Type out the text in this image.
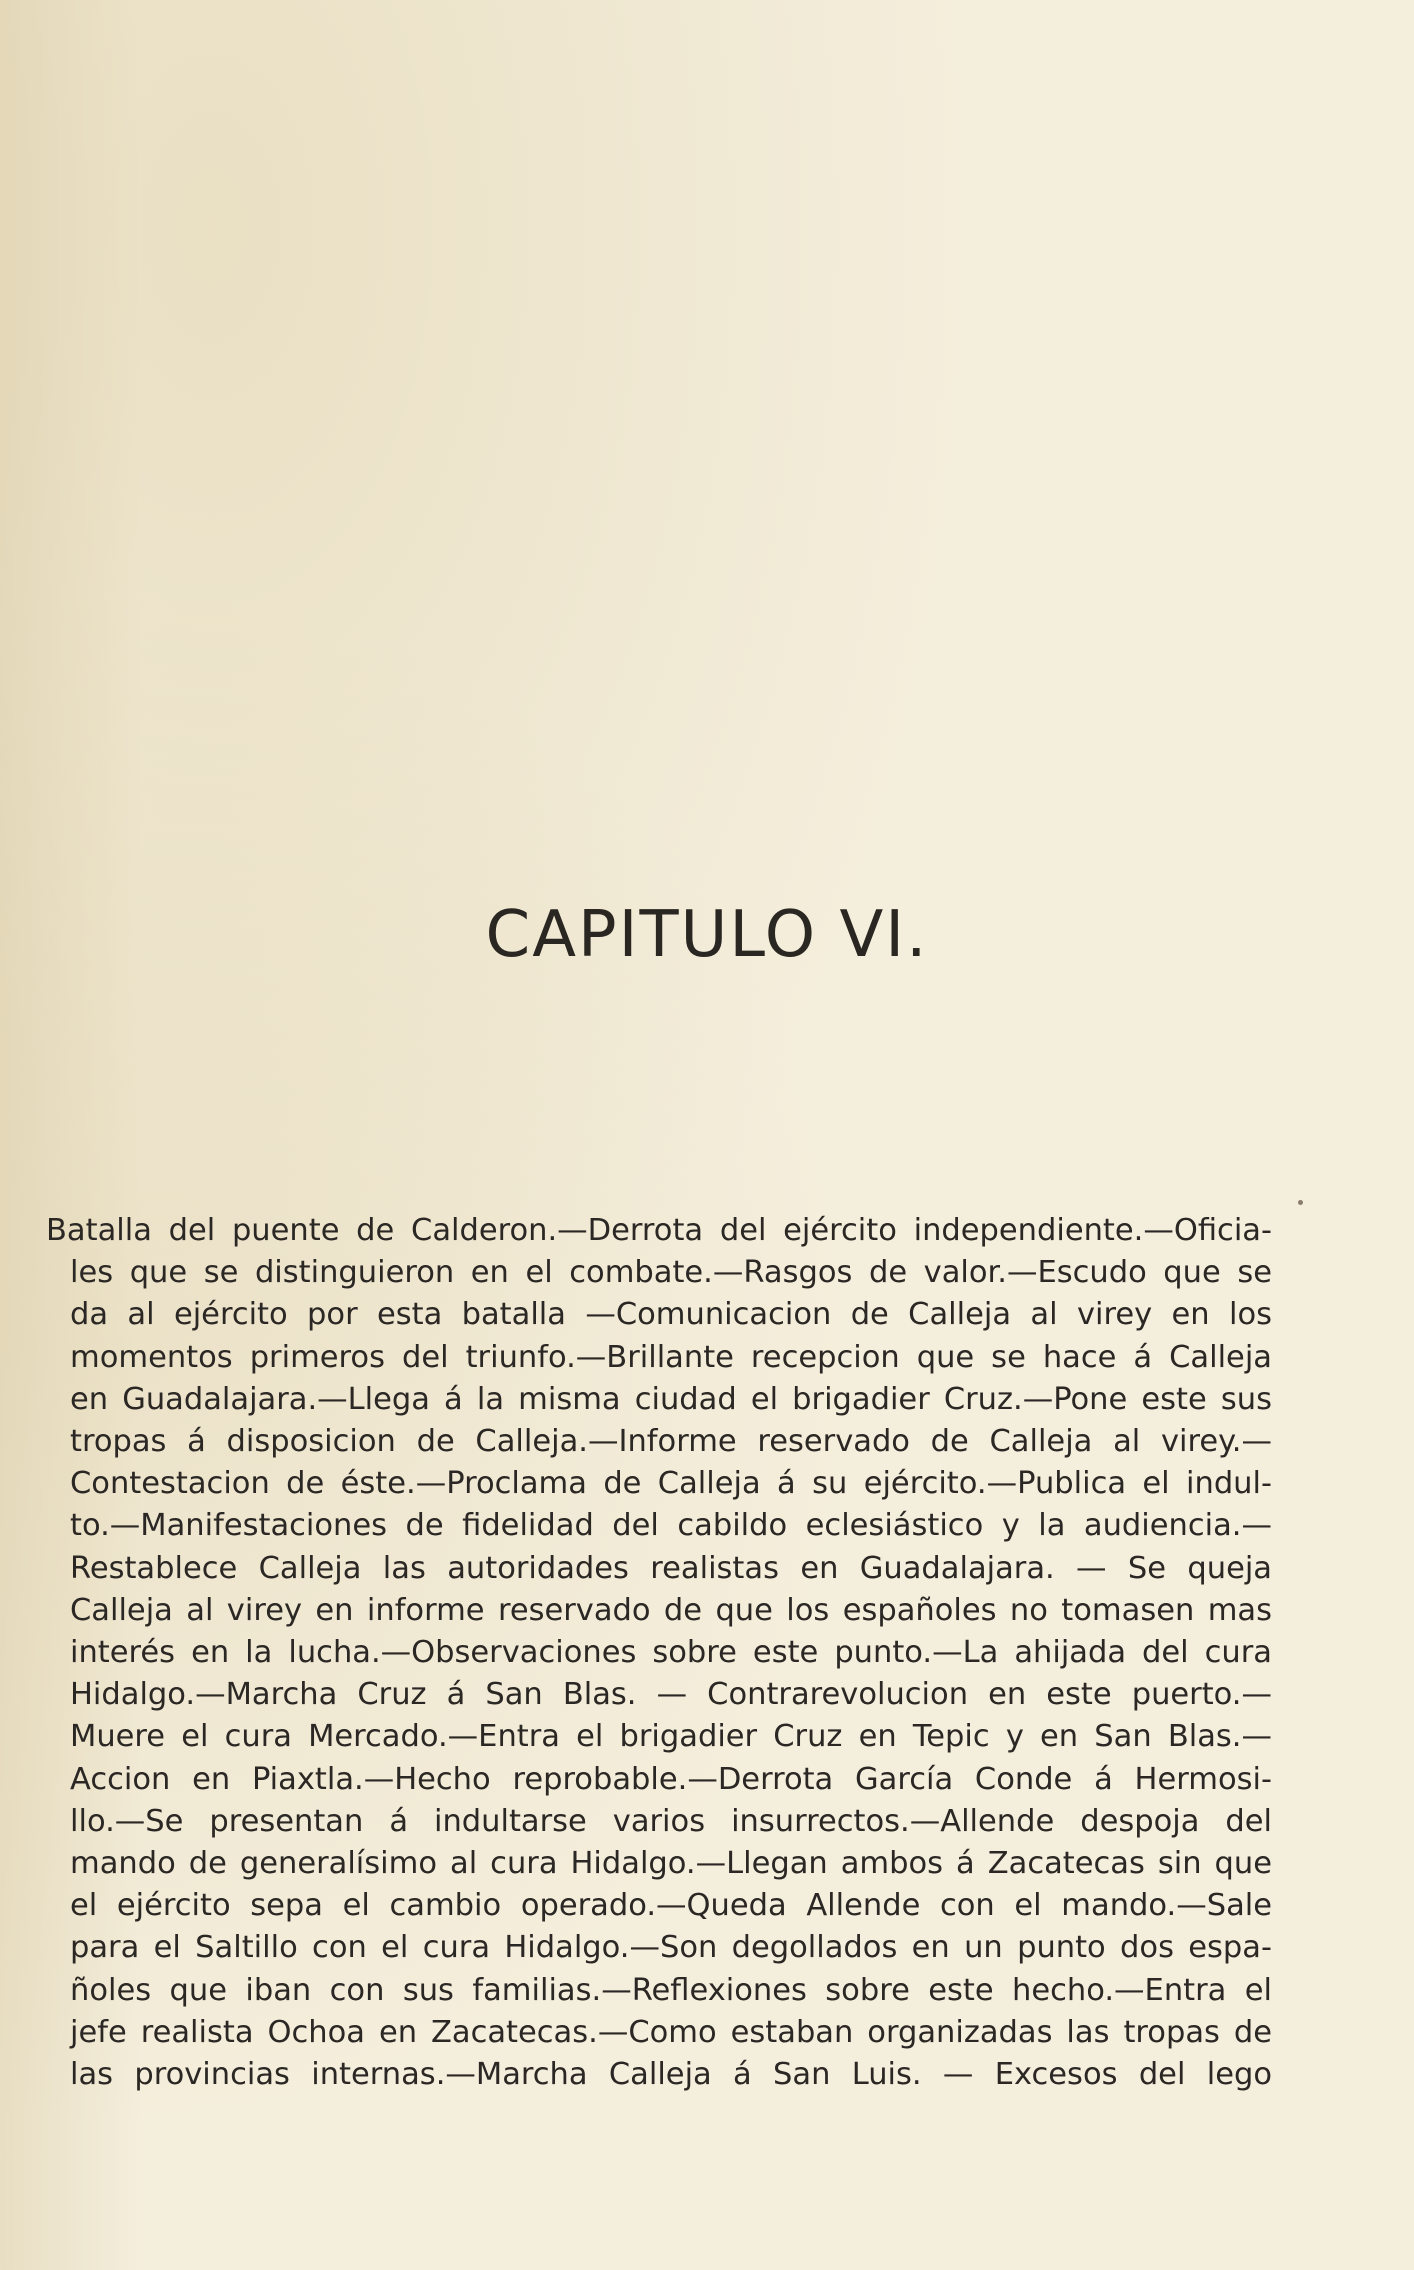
CAPITULO VI.

Batalla del puente de Calderon.—Derrota del ejército independiente.—Oficia-
les que se distinguieron en el combate.—Rasgos de valor.—Escudo que se
da al ejército por esta batalla —Comunicacion de Calleja al virey en los
momentos primeros del triunfo.—Brillante recepcion que se hace á Calleja
en Guadalajara.—Llega á la misma ciudad el brigadier Cruz.—Pone este sus
tropas á disposicion de Calleja.—Informe reservado de Calleja al virey.—
Contestacion de éste.—Proclama de Calleja á su ejército.—Publica el indul-
to.—Manifestaciones de fidelidad del cabildo eclesiástico y la audiencia.—
Restablece Calleja las autoridades realistas en Guadalajara. — Se queja
Calleja al virey en informe reservado de que los españoles no tomasen mas
interés en la lucha.—Observaciones sobre este punto.—La ahijada del cura
Hidalgo.—Marcha Cruz á San Blas. — Contrarevolucion en este puerto.—
Muere el cura Mercado.—Entra el brigadier Cruz en Tepic y en San Blas.—
Accion en Piaxtla.—Hecho reprobable.—Derrota García Conde á Hermosi-
llo.—Se presentan á indultarse varios insurrectos.—Allende despoja del
mando de generalísimo al cura Hidalgo.—Llegan ambos á Zacatecas sin que
el ejército sepa el cambio operado.—Queda Allende con el mando.—Sale
para el Saltillo con el cura Hidalgo.—Son degollados en un punto dos espa-
ñoles que iban con sus familias.—Reflexiones sobre este hecho.—Entra el
jefe realista Ochoa en Zacatecas.—Como estaban organizadas las tropas de
las provincias internas.—Marcha Calleja á San Luis. — Excesos del lego
